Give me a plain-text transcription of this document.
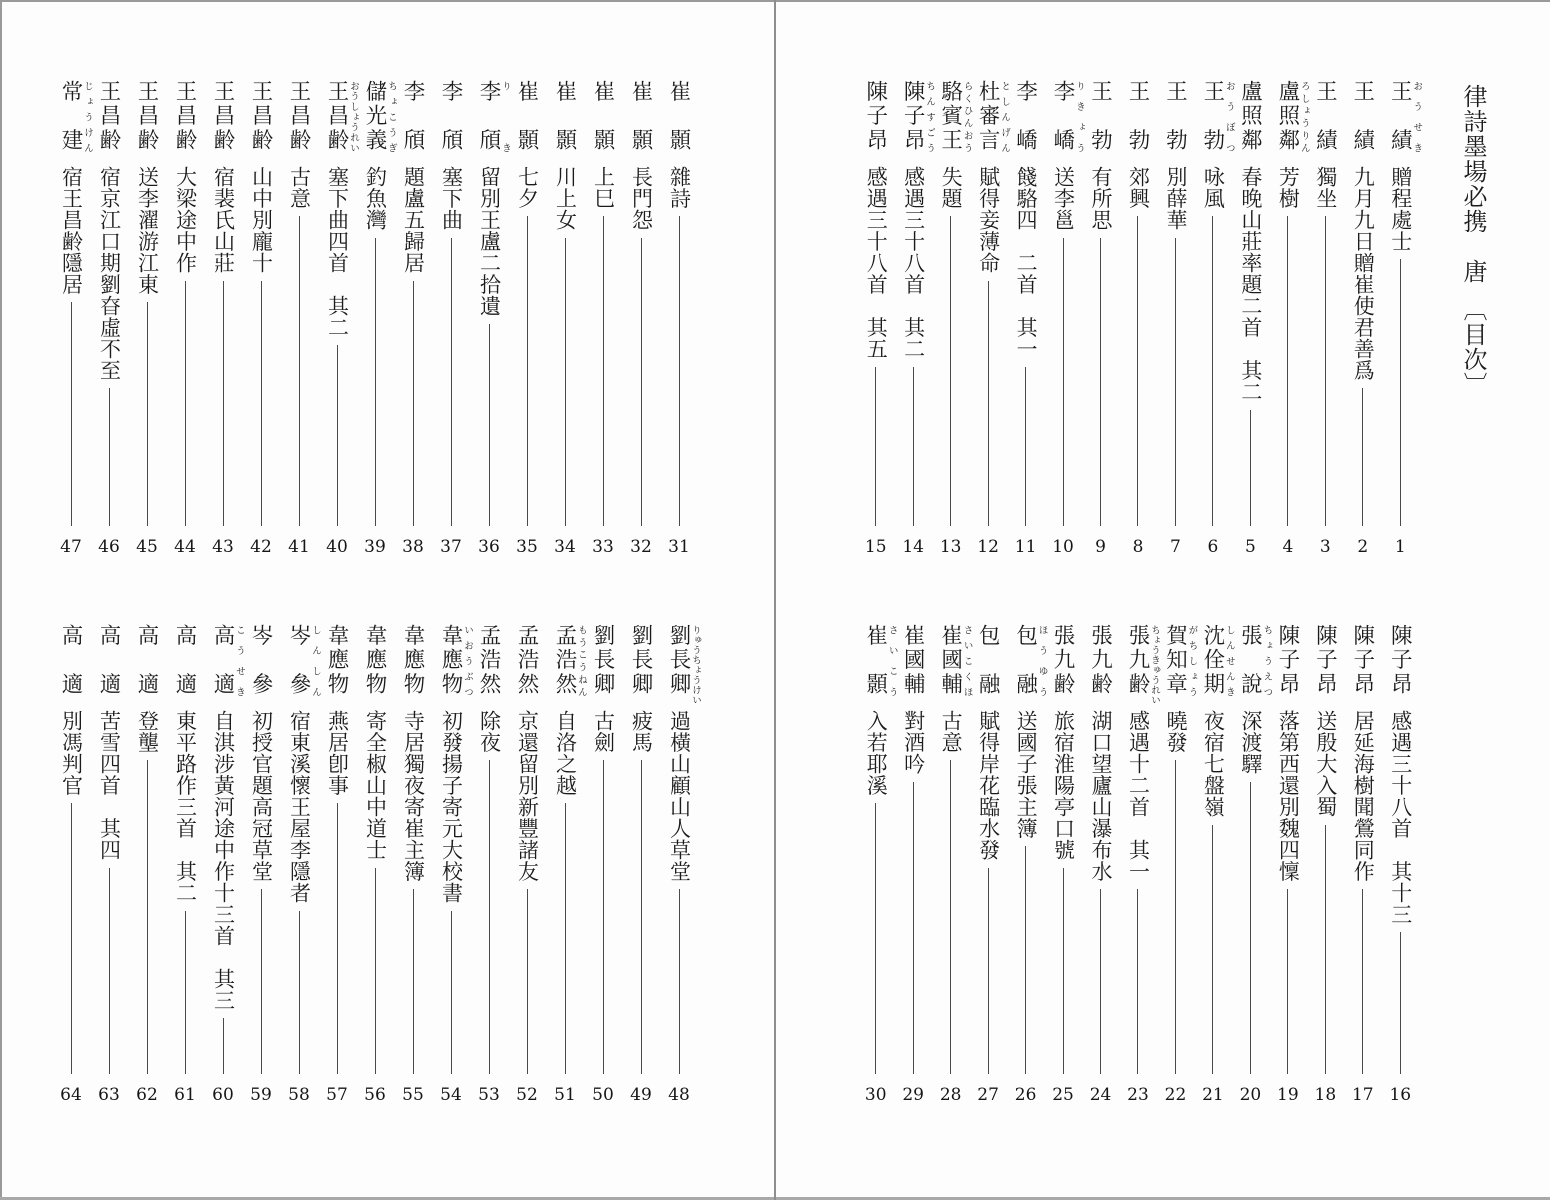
律詩墨場必携　唐　〔目次〕
王績 おうせき
贈程處士
1
王績
九月九日贈崔使君善爲
2
王績
獨坐
3
盧照鄰 ろしょうりん
芳樹
4
盧照鄰
春晚山莊率題二首　其二
5
王勃 おうぼつ
咏風
6
王勃
別薛華
7
王勃
郊興
8
王勃
有所思
9
李嶠 りきょう
送李邕
10
李嶠
餞駱四　二首　其一
11
杜審言 としんげん
賦得妾薄命
12
駱賓王 らくひんおう
失題
13
陳子昂 ちんすごう
感遇三十八首　其二
14
陳子昂
感遇三十八首　其五
15
陳子昂
感遇三十八首　其十三
16
陳子昂
居延海樹聞鶯同作
17
陳子昂
送殷大入蜀
18
陳子昂
落第西還別魏四懍
19
張說 ちょうえつ
深渡驛
20
沈佺期 しんせんき
夜宿七盤嶺
21
賀知章 がちしょう
曉發
22
張九齢 ちょうきゅうれい
感遇十二首　其一
23
張九齢
湖口望廬山瀑布水
24
張九齢
旅宿淮陽亭口號
25
包融 ほうゆう
送國子張主簿
26
包融
賦得岸花臨水發
27
崔國輔 さいこくほ
古意
28
崔國輔
對酒吟
29
崔顥 さいこう
入若耶溪
30
崔顥
雜詩
31
崔顥
長門怨
32
崔顥
上巳
33
崔顥
川上女
34
崔顥
七夕
35
李頎 りき
留別王盧二拾遺
36
李頎
塞下曲
37
李頎
題盧五歸居
38
儲光義 ちょこうぎ
釣魚灣
39
王昌齢 おうしょうれい
塞下曲四首　其二
40
王昌齢
古意
41
王昌齢
山中別龐十
42
王昌齢
宿裴氏山莊
43
王昌齢
大梁途中作
44
王昌齢
送李濯游江東
45
王昌齢
宿京江口期劉昚虛不至
46
常建 じょうけん
宿王昌齢隱居
47
劉長卿 りゅうちょうけい
過橫山顧山人草堂
48
劉長卿
疲馬
49
劉長卿
古劍
50
孟浩然 もうこうねん
自洛之越
51
孟浩然
京還留別新豐諸友
52
孟浩然
除夜
53
韋應物 いおうぶつ
初發揚子寄元大校書
54
韋應物
寺居獨夜寄崔主簿
55
韋應物
寄全椒山中道士
56
韋應物
燕居卽事
57
岑參 しんしん
宿東溪懷王屋李隱者
58
岑參
初授官題高冠草堂
59
高適 こうせき
自淇涉黃河途中作十三首　其三
60
高適
東平路作三首　其二
61
高適
登壟
62
高適
苦雪四首　其四
63
高適
別馮判官
64
